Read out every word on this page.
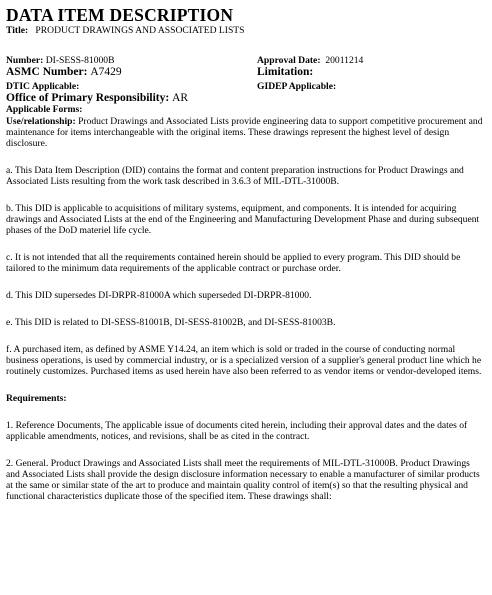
DATA ITEM DESCRIPTION
Title: PRODUCT DRAWINGS AND ASSOCIATED LISTS
Number: DI-SESS-81000B	Approval Date: 20011214
ASMC Number: A7429	Limitation:
DTIC Applicable:	GIDEP Applicable:
Office of Primary Responsibility: AR
Applicable Forms:

Use/relationship: Product Drawings and Associated Lists provide engineering data to support competitive procurement and maintenance for items interchangeable with the original items. These drawings represent the highest level of design disclosure.

a. This Data Item Description (DID) contains the format and content preparation instructions for Product Drawings and Associated Lists resulting from the work task described in 3.6.3 of MIL-DTL-31000B.

b. This DID is applicable to acquisitions of military systems, equipment, and components. It is intended for acquiring drawings and Associated Lists at the end of the Engineering and Manufacturing Development Phase and during subsequent phases of the DoD materiel life cycle.

c. It is not intended that all the requirements contained herein should be applied to every program. This DID should be tailored to the minimum data requirements of the applicable contract or purchase order.

d. This DID supersedes DI-DRPR-81000A which superseded DI-DRPR-81000.

e. This DID is related to DI-SESS-81001B, DI-SESS-81002B, and DI-SESS-81003B.

f. A purchased item, as defined by ASME Y14.24, an item which is sold or traded in the course of conducting normal business operations, is used by commercial industry, or is a specialized version of a supplier's general product line which he routinely customizes. Purchased items as used herein have also been referred to as vendor items or vendor-developed items.

Requirements:

1. Reference Documents, The applicable issue of documents cited herein, including their approval dates and the dates of applicable amendments, notices, and revisions, shall be as cited in the contract.

2. General. Product Drawings and Associated Lists shall meet the requirements of MIL-DTL-31000B. Product Drawings and Associated Lists shall provide the design disclosure information necessary to enable a manufacturer of similar products at the same or similar state of the art to produce and maintain quality control of item(s) so that the resulting physical and functional characteristics duplicate those of the specified item. These drawings shall:
